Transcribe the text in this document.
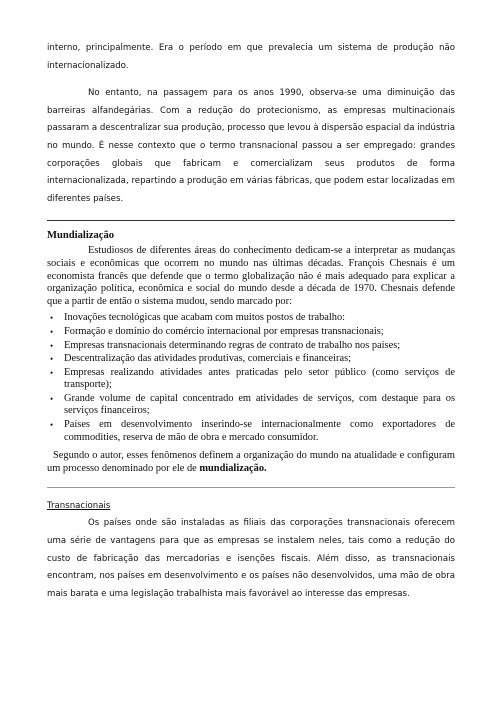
interno, principalmente. Era o período em que prevalecia um sistema de produção não internacionalizado.

No entanto, na passagem para os anos 1990, observa-se uma diminuição das barreiras alfandegárias. Com a redução do protecionismo, as empresas multinacionais passaram a descentralizar sua produção, processo que levou à dispersão espacial da indústria no mundo. É nesse contexto que o termo transnacional passou a ser empregado: grandes corporações globais que fabricam e comercializam seus produtos de forma internacionalizada, repartindo a produção em várias fábricas, que podem estar localizadas em diferentes países.

Mundialização

Estudiosos de diferentes áreas do conhecimento dedicam-se a interpretar as mudanças sociais e econômicas que ocorrem no mundo nas últimas décadas. François Chesnais é um economista francês que defende que o termo globalização não é mais adequado para explicar a organização política, econômica e social do mundo desde a década de 1970. Chesnais defende que a partir de então o sistema mudou, sendo marcado por:

• Inovações tecnológicas que acabam com muitos postos de trabalho:
• Formação e domínio do comércio internacional por empresas transnacionais;
• Empresas transnacionais determinando regras de contrato de trabalho nos países;
• Descentralização das atividades produtivas, comerciais e financeiras;
• Empresas realizando atividades antes praticadas pelo setor público (como serviços de transporte);
• Grande volume de capital concentrado em atividades de serviços, com destaque para os serviços financeiros;
• Países em desenvolvimento inserindo-se internacionalmente como exportadores de commodities, reserva de mão de obra e mercado consumidor.

Segundo o autor, esses fenômenos definem a organização do mundo na atualidade e configuram um processo denominado por ele de mundialização.

Transnacionais

Os países onde são instaladas as filiais das corporações transnacionais oferecem uma série de vantagens para que as empresas se instalem neles, tais como a redução do custo de fabricação das mercadorias e isenções fiscais. Além disso, as transnacionais encontram, nos países em desenvolvimento e os países não desenvolvidos, uma mão de obra mais barata e uma legislação trabalhista mais favorável ao interesse das empresas.
